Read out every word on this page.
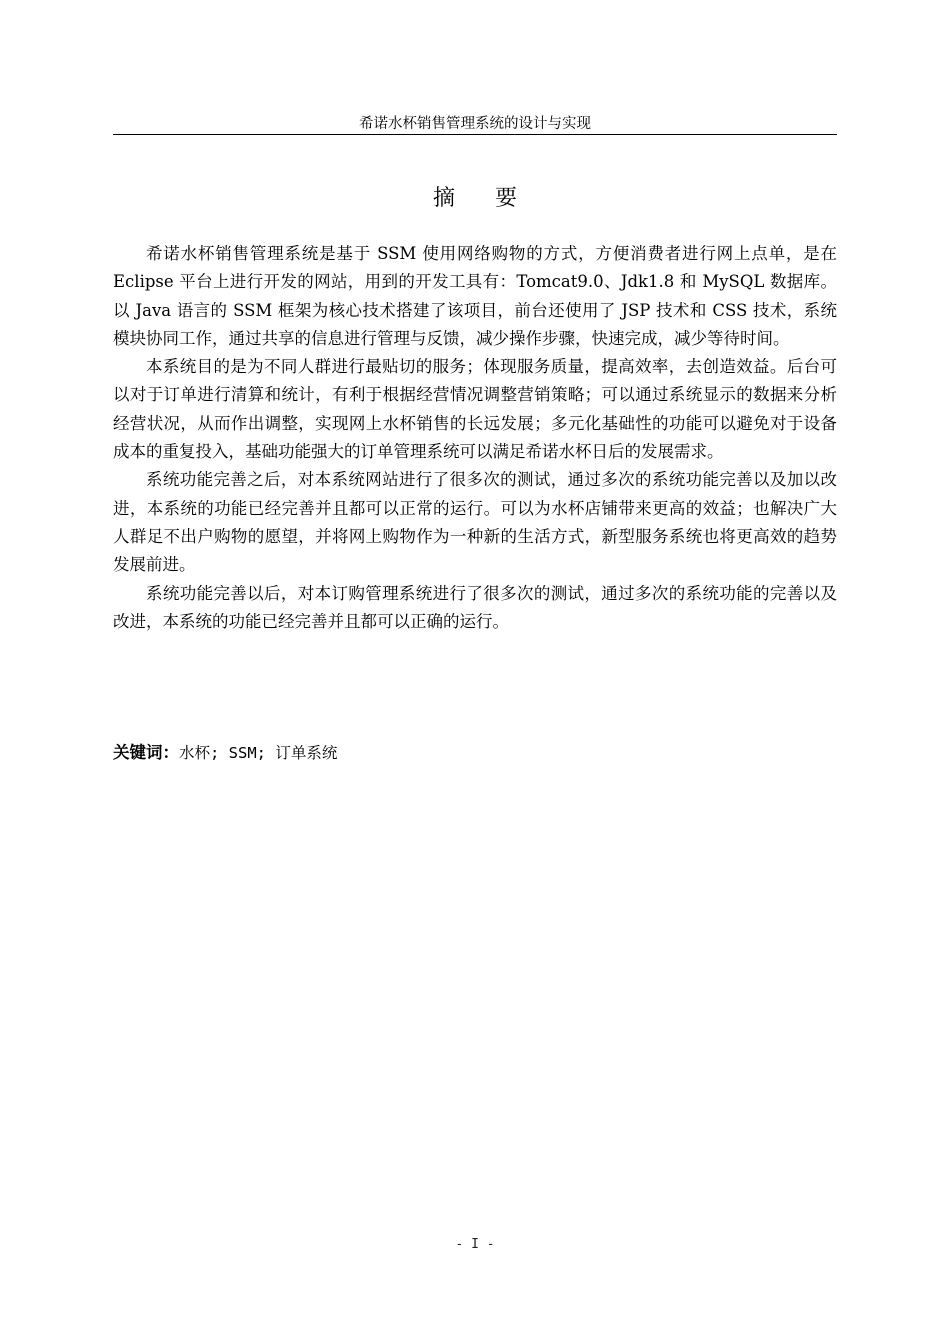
希诺水杯销售管理系统的设计与实现
摘要

希诺水杯销售管理系统是基于 SSM 使用网络购物的方式，方便消费者进行网上点单，是在 Eclipse 平台上进行开发的网站，用到的开发工具有：Tomcat9.0、Jdk1.8 和 MySQL 数据库。以 Java 语言的 SSM 框架为核心技术搭建了该项目，前台还使用了 JSP 技术和 CSS 技术，系统模块协同工作，通过共享的信息进行管理与反馈，减少操作步骤，快速完成，减少等待时间。

本系统目的是为不同人群进行最贴切的服务；体现服务质量，提高效率，去创造效益。后台可以对于订单进行清算和统计，有利于根据经营情况调整营销策略；可以通过系统显示的数据来分析经营状况，从而作出调整，实现网上水杯销售的长远发展；多元化基础性的功能可以避免对于设备成本的重复投入，基础功能强大的订单管理系统可以满足希诺水杯日后的发展需求。

系统功能完善之后，对本系统网站进行了很多次的测试，通过多次的系统功能完善以及加以改进，本系统的功能已经完善并且都可以正常的运行。可以为水杯店铺带来更高的效益；也解决广大人群足不出户购物的愿望，并将网上购物作为一种新的生活方式，新型服务系统也将更高效的趋势发展前进。

系统功能完善以后，对本订购管理系统进行了很多次的测试，通过多次的系统功能的完善以及改进，本系统的功能已经完善并且都可以正确的运行。

关键词：水杯; SSM; 订单系统
- I -
